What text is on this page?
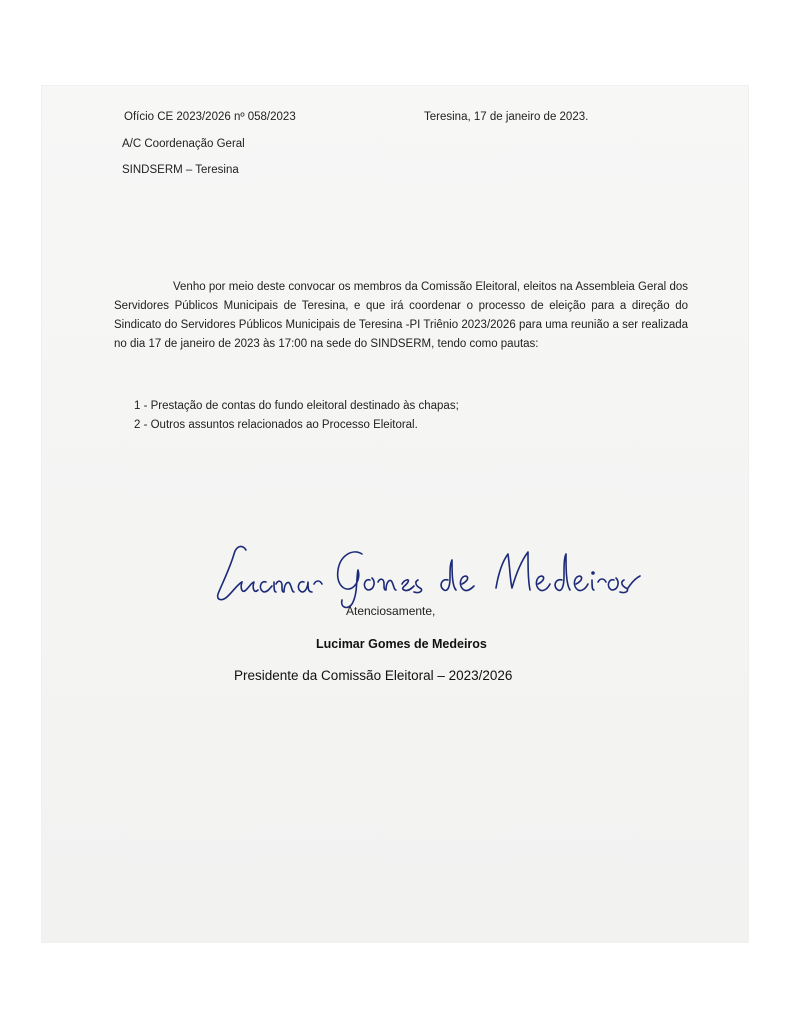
Ofício CE 2023/2026 nº 058/2023
A/C Coordenação Geral
SINDSERM – Teresina
Teresina, 17 de janeiro de 2023.

Venho por meio deste convocar os membros da Comissão Eleitoral, eleitos na Assembleia Geral dos Servidores Públicos Municipais de Teresina, e que irá coordenar o processo de eleição para a direção do Sindicato do Servidores Públicos Municipais de Teresina -PI Triênio 2023/2026 para uma reunião a ser realizada no dia 17 de janeiro de 2023 às 17:00 na sede do SINDSERM, tendo como pautas:

1 - Prestação de contas do fundo eleitoral destinado às chapas;
2 - Outros assuntos relacionados ao Processo Eleitoral.
Atenciosamente,
Lucimar Gomes de Medeiros
Presidente da Comissão Eleitoral – 2023/2026
